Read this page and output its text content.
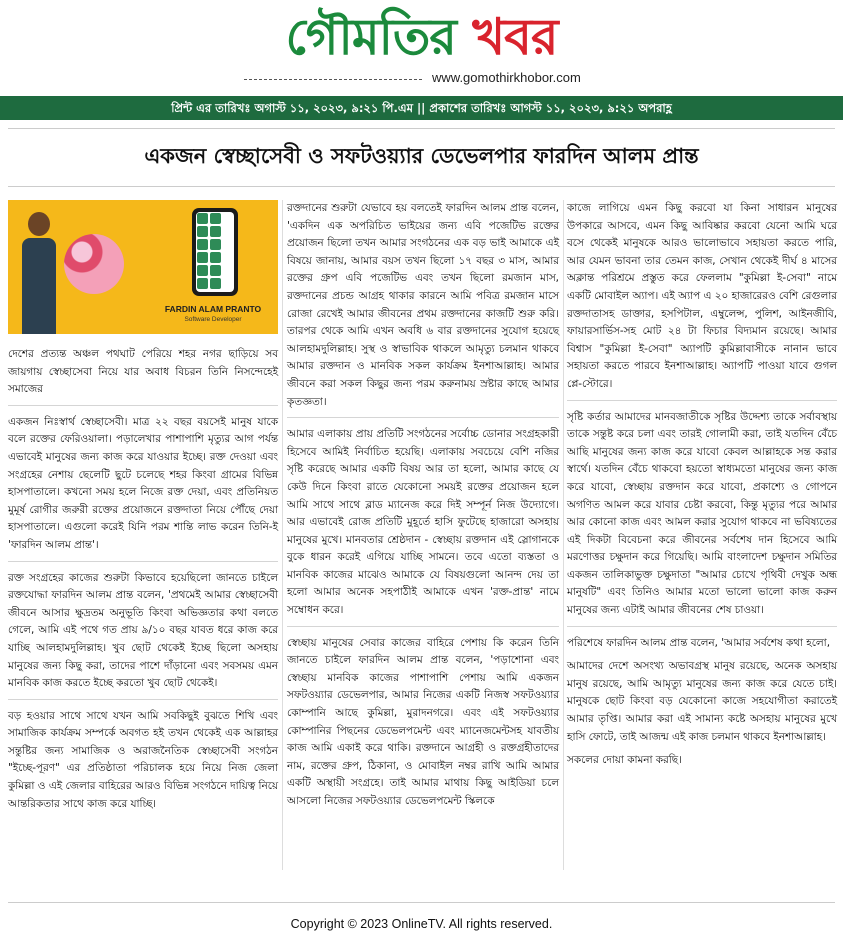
গৌমতির খবর
www.gomothirkhobor.com
প্রিন্ট এর তারিখঃ অগাস্ট ১১, ২০২৩, ৯:২১ পি.এম || প্রকাশের তারিখঃ আগস্ট ১১, ২০২৩, ৯:২১ অপরাহ্ণ
একজন স্বেচ্ছাসেবী ও সফটওয়্যার ডেভেলপার ফারদিন আলম প্রান্ত
FARDIN ALAM PRANTO
Software Developer

দেশের প্রত্যন্ত অঞ্চল পথঘাট পেরিয়ে শহর নগর ছাড়িয়ে সব জায়গায় স্বেচ্ছাসেবা নিয়ে যার অবাধ বিচরন তিনি নিসন্দেহেই সমাজের

একজন নিঃস্বার্থ স্বেচ্ছাসেবী। মাত্র ২২ বছর বয়সেই মানুষ যাকে বলে রক্তের ফেরিওয়ালা। পড়ালেখার পাশাপাশি মৃত্যুর আগ পর্যন্ত এভাবেই মানুষের জন্য কাজ করে যাওয়ার ইচ্ছে। রক্ত দেওয়া এবং সংগ্রহের নেশায় ছেলেটি ছুটে চলেছে শহর কিংবা গ্রামের বিভিন্ন হাসপাতালে। কখনো সময় হলে নিজে রক্ত দেয়া, এবং প্রতিনিয়ত মুমূর্ষ রোগীর জরুরী রক্তের প্রয়োজনে রক্তদাতা নিয়ে পৌঁছে দেয়া হাসপাতালে। এগুলো করেই যিনি পরম শান্তি লাভ করেন তিনি-ই 'ফারদিন আলম প্রান্ত'।

রক্ত সংগ্রহের কাজের শুরুটা কিভাবে হয়েছিলো জানতে চাইলে রক্তযোদ্ধা ফারদিন আলম প্রান্ত বলেন, 'প্রথমেই আমার স্বেচ্ছাসেবী জীবনে আসার ক্ষুদ্রতম অনুভূতি কিংবা অভিজ্ঞতার কথা বলতে গেলে, আমি এই পথে গত প্রায় ৯/১০ বছর যাবত ধরে কাজ করে যাচ্ছি আলহামদুলিল্লাহ। খুব ছোট থেকেই ইচ্ছে ছিলো অসহায় মানুষের জন্য কিছু করা, তাদের পাশে দাঁড়ানো এবং সবসময় এমন মানবিক কাজ করতে ইচ্ছে করতো খুব ছোট থেকেই।

বড় হওয়ার সাথে সাথে যখন আমি সবকিছুই বুঝতে শিখি এবং সামাজিক কার্যক্রম সম্পর্কে অবগত হই তখন থেকেই এক আল্লাহর সন্তুষ্টির জন্য সামাজিক ও অরাজনৈতিক স্বেচ্ছাসেবী সংগঠন "ইচ্ছে-পূরণ" এর প্রতিষ্ঠাতা পরিচালক হয়ে নিয়ে নিজ জেলা কুমিল্লা ও এই জেলার বাহিরের আরও বিভিন্ন সংগঠনে দায়িত্ব নিয়ে আন্তরিকতার সাথে কাজ করে যাচ্ছি।

রক্তদানের শুরুটা যেভাবে হয় বলতেই ফারদিন আলম প্রান্ত বলেন, 'একদিন এক অপরিচিত ভাইয়ের জন্য এবি পজেটিভ রক্তের প্রয়োজন ছিলো তখন আমার সংগঠনের এক বড় ভাই আমাকে এই বিষয়ে জানায়, আমার বয়স তখন ছিলো ১৭ বছর ৩ মাস, আমার রক্তের গ্রুপ এবি পজেটিভ এবং তখন ছিলো রমজান মাস, রক্তদানের প্রচন্ড আগ্রহ থাকার কারনে আমি পবিত্র রমজান মাসে রোজা রেখেই আমার জীবনের প্রথম রক্তদানের কাজটি শুরু করি। তারপর থেকে আমি এখন অবধি ৬ বার রক্তদানের সুযোগ হয়েছে আলহামদুলিল্লাহ। সুস্থ ও স্বাভাবিক থাকলে আমৃত্যু চলমান থাকবে আমার রক্তদান ও মানবিক সকল কার্যক্রম ইনশাআল্লাহ। আমার জীবনে করা সকল কিছুর জন্য পরম করুনাময় স্রষ্টার কাছে আমার কৃতজ্ঞতা।

আমার এলাকায় প্রায় প্রতিটি সংগঠনের সর্বোচ্চ ডোনার সংগ্রহকারী হিসেবে আমিই নির্বাচিত হয়েছি। এলাকায় সবচেয়ে বেশি নজির সৃষ্টি করেছে আমার একটি বিষয় আর তা হলো, আমার কাছে যে কেউ দিনে কিংবা রাতে যেকোনো সময়ই রক্তের প্রয়োজন হলে আমি সাথে সাথে ব্লাড ম্যানেজ করে দিই সম্পূর্ন নিজ উদ্যোগে। আর এভাবেই রোজ প্রতিটি মুহূর্তে হাসি ফুটেছে হাজারো অসহায় মানুষের মুখে। মানবতার শ্রেষ্ঠদান - স্বেচ্ছায় রক্তদান এই স্লোগানকে বুকে ধারন করেই এগিয়ে যাচ্ছি সামনে। তবে এতো ব্যস্ততা ও মানবিক কাজের মাঝেও আমাকে যে বিষয়গুলো আনন্দ দেয় তা হলো আমার অনেক সহপাঠীই আমাকে এখন 'রক্ত-প্রান্ত' নামে সম্বোধন করে।

স্বেচ্ছায় মানুষের সেবার কাজের বাহিরে পেশায় কি করেন তিনি জানতে চাইলে ফারদিন আলম প্রান্ত বলেন, 'পড়াশোনা এবং স্বেচ্ছায় মানবিক কাজের পাশাপাশি পেশায় আমি একজন সফটওয়্যার ডেভেলপার, আমার নিজের একটি নিজস্ব সফটওয়্যার কোম্পানি আছে কুমিল্লা, মুরাদনগরে। এবং এই সফটওয়্যার কোম্পানির পিছনের ডেভেলপমেন্ট এবং ম্যানেজমেন্টসহ যাবতীয় কাজ আমি একাই করে থাকি। রক্তদানে আগ্রহী ও রক্তগ্রহীতাদের নাম, রক্তের গ্রুপ, ঠিকানা, ও মোবাইল নম্বর রাখি আমি আমার একটি অস্থায়ী সংগ্রহে। তাই আমার মাথায় কিছু আইডিয়া চলে আসলো নিজের সফটওয়্যার ডেভেলপমেন্ট স্কিলকে

কাজে লাগিয়ে এমন কিছু করবো যা কিনা সাধারন মানুষের উপকারে আসবে, এমন কিছু আবিষ্কার করবো যেনো আমি ঘরে বসে থেকেই মানুষকে আরও ভালোভাবে সহায়তা করতে পারি, আর যেমন ভাবনা তার তেমন কাজ, সেখান থেকেই দীর্ঘ ৪ মাসের অক্লান্ত পরিশ্রমে প্রস্তুত করে ফেললাম "কুমিল্লা ই-সেবা" নামে একটি মোবাইল অ্যাপ। এই অ্যাপ এ ২০ হাজারেরও বেশি রেগুলার রক্তদাতাসহ ডাক্তার, হসপিটাল, এম্বুলেন্স, পুলিশ, আইনজীবি, ফায়ারসার্ভিস-সহ মোট ২৪ টা ফিচার বিদ্যমান রয়েছে। আমার বিশ্বাস "কুমিল্লা ই-সেবা" অ্যাপটি কুমিল্লাবাসীকে নানান ভাবে সহায়তা করতে পারবে ইনশাআল্লাহ। অ্যাপটি পাওয়া যাবে গুগল প্লে-স্টোরে।

সৃষ্টি কর্তার আমাদের মানবজাতীকে সৃষ্টির উদ্দেশ্য তাকে সর্বাবস্থায় তাকে সন্তুষ্ট করে চলা এবং তারই গোলামী করা, তাই যতদিন বেঁচে আছি মানুষের জন্য কাজ করে যাবো কেবল আল্লাহকে সন্ত করার স্বার্থে। যতদিন বেঁচে থাকবো হয়তো স্বাধ্যমতো মানুষের জন্য কাজ করে যাবো, স্বেচ্ছায় রক্তদান করে যাবো, প্রকাশ্যে ও গোপনে অগণিত আমল করে যাবার চেষ্টা করবো, কিন্তু মৃত্যুর পরে আমার আর কোনো কাজ এবং আমল করার সুযোগ থাকবে না ভবিষ্যতের এই দিকটা বিবেচনা করে জীবনের সর্বশেষ দান হিসেবে আমি মরণোত্তর চক্ষুদান করে গিয়েছি। আমি বাংলাদেশ চক্ষুদান সমিতির একজন তালিকাভুক্ত চক্ষুদাতা "আমার চোখে পৃথিবী দেখুক অন্ধ মানুষটি" এবং তিনিও আমার মতো ভালো ভালো কাজ করুন মানুষের জন্য এটাই আমার জীবনের শেষ চাওয়া।

পরিশেষে ফারদিন আলম প্রান্ত বলেন, 'আমার সর্বশেষ কথা হলো,

আমাদের দেশে অসংখ্য অভাবগ্রস্থ মানুষ রয়েছে, অনেক অসহায় মানুষ রয়েছে, আমি আমৃত্যু মানুষের জন্য কাজ করে যেতে চাই। মানুষকে ছোট কিংবা বড় যেকোনো কাজে সহযোগীতা করাতেই আমার তৃপ্তি। আমার করা এই সামান্য কষ্টে অসহায় মানুষের মুখে হাসি ফোটে, তাই আজন্ম এই কাজ চলমান থাকবে ইনশাআল্লাহ।

সকলের দোয়া কামনা করছি।

Copyright © 2023 OnlineTV. All rights reserved.
